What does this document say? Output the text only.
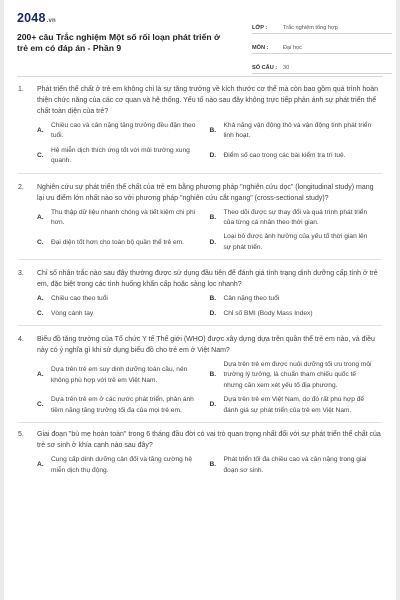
2048.vn
200+ câu Trắc nghiệm Một số rối loạn phát triển ở trẻ em có đáp án - Phần 9
LỚP :	Trắc nghiệm tổng hợp
MÔN :	Đại học
SỐ CÂU :	30
1.	Phát triển thể chất ở trẻ em không chỉ là sự tăng trưởng về kích thước cơ thể mà còn bao gồm quá trình hoàn thiện chức năng của các cơ quan và hệ thống. Yếu tố nào sau đây không trực tiếp phản ánh sự phát triển thể chất toàn diện của trẻ?
A.
Chiều cao và cân nặng tăng trưởng đều đặn theo tuổi.
B.
Khả năng vận động thô và vận động tinh phát triển linh hoạt.
C.
Hệ miễn dịch thích ứng tốt với môi trường xung quanh.
D.	Điểm số cao trong các bài kiểm tra trí tuệ.
2.	Nghiên cứu sự phát triển thể chất của trẻ em bằng phương pháp "nghiên cứu dọc" (longitudinal study) mang lại ưu điểm lớn nhất nào so với phương pháp "nghiên cứu cắt ngang" (cross-sectional study)?
A.
Thu thập dữ liệu nhanh chóng và tiết kiệm chi phí hơn.
B.
Theo dõi được sự thay đổi và quá trình phát triển của từng cá nhân theo thời gian.
C.	Đại diện tốt hơn cho toàn bộ quần thể trẻ em.	D.
Loại bỏ được ảnh hưởng của yếu tố thời gian lên sự phát triển.
3.	Chỉ số nhân trắc nào sau đây thường được sử dụng đầu tiên để đánh giá tình trạng dinh dưỡng cấp tính ở trẻ em, đặc biệt trong các tình huống khẩn cấp hoặc sàng lọc nhanh?
A.	Chiều cao theo tuổi	B.	Cân nặng theo tuổi
C.	Vòng cánh tay	D.	Chỉ số BMI (Body Mass Index)
4.	Biểu đồ tăng trưởng của Tổ chức Y tế Thế giới (WHO) được xây dựng dựa trên quần thể trẻ em nào, và điều này có ý nghĩa gì khi sử dụng biểu đồ cho trẻ em ở Việt Nam?
A.
Dựa trên trẻ em suy dinh dưỡng toàn cầu, nên không phù hợp với trẻ em Việt Nam.
B.
Dựa trên trẻ em được nuôi dưỡng tối ưu trong môi trường lý tưởng, là chuẩn tham chiếu quốc tế nhưng cần xem xét yếu tố địa phương.
C.
Dựa trên trẻ em ở các nước phát triển, phản ánh tiềm năng tăng trưởng tối đa của mọi trẻ em.
D.
Dựa trên trẻ em Việt Nam, do đó rất phù hợp để đánh giá sự phát triển của trẻ em Việt Nam.
5.	Giai đoạn "bù mẹ hoàn toàn" trong 6 tháng đầu đời có vai trò quan trọng nhất đối với sự phát triển thể chất của trẻ sơ sinh ở khía cạnh nào sau đây?
A.
Cung cấp dinh dưỡng cân đối và tăng cường hệ miễn dịch thụ động.
B.
Phát triển tối đa chiều cao và cân nặng trong giai đoạn sơ sinh.
